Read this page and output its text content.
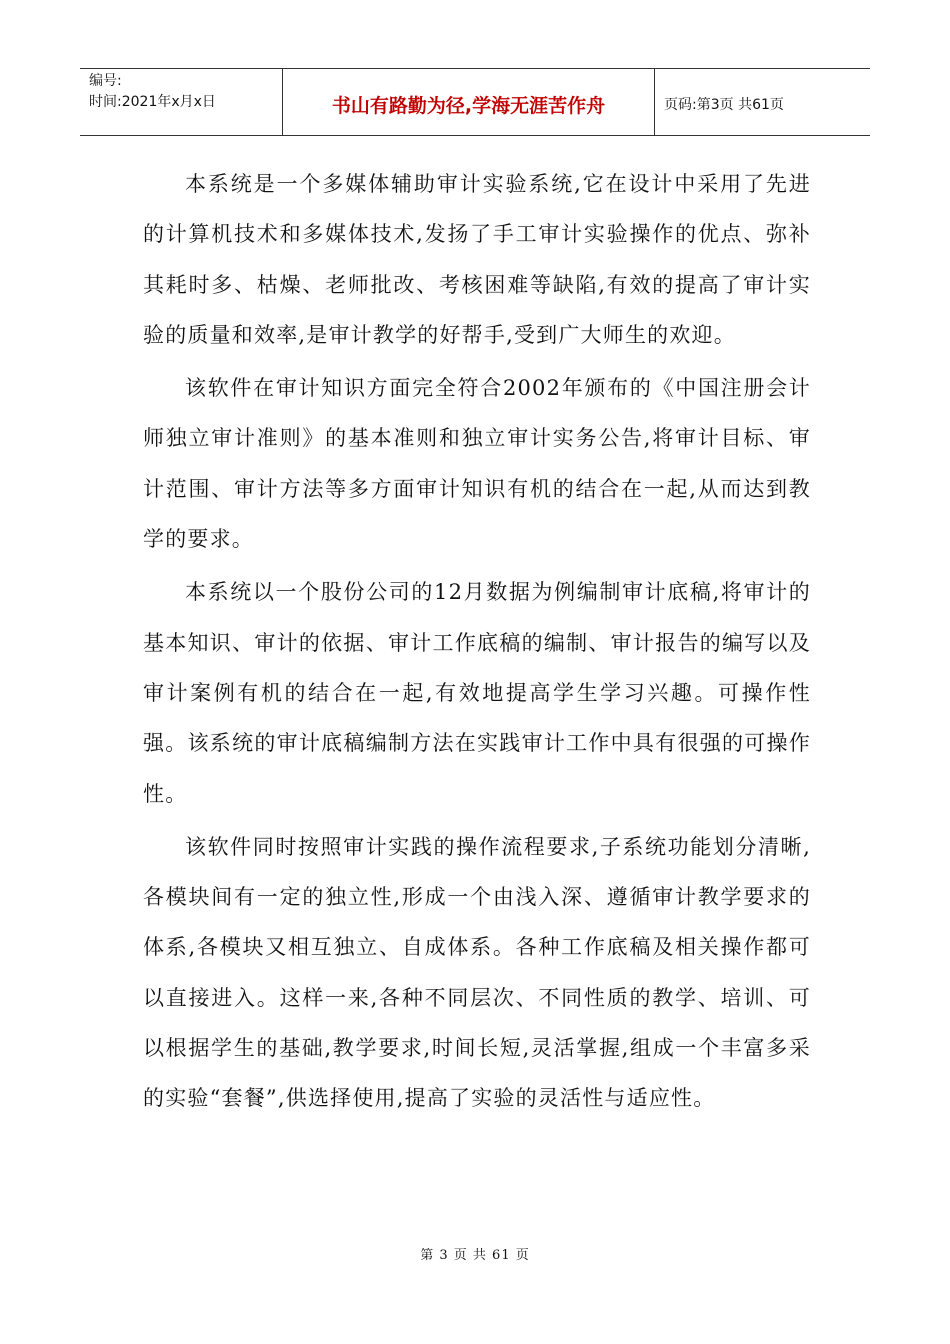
编号:
时间:2021年x月x日	书山有路勤为径,学海无涯苦作舟	页码:第3页 共61页

本系统是一个多媒体辅助审计实验系统,它在设计中采用了先进的计算机技术和多媒体技术,发扬了手工审计实验操作的优点、弥补其耗时多、枯燥、老师批改、考核困难等缺陷,有效的提高了审计实验的质量和效率,是审计教学的好帮手,受到广大师生的欢迎。

该软件在审计知识方面完全符合2002年颁布的《中国注册会计师独立审计准则》的基本准则和独立审计实务公告,将审计目标、审计范围、审计方法等多方面审计知识有机的结合在一起,从而达到教学的要求。

本系统以一个股份公司的12月数据为例编制审计底稿,将审计的基本知识、审计的依据、审计工作底稿的编制、审计报告的编写以及审计案例有机的结合在一起,有效地提高学生学习兴趣。可操作性强。该系统的审计底稿编制方法在实践审计工作中具有很强的可操作性。

该软件同时按照审计实践的操作流程要求,子系统功能划分清晰,各模块间有一定的独立性,形成一个由浅入深、遵循审计教学要求的体系,各模块又相互独立、自成体系。各种工作底稿及相关操作都可以直接进入。这样一来,各种不同层次、不同性质的教学、培训、可以根据学生的基础,教学要求,时间长短,灵活掌握,组成一个丰富多采的实验“套餐”,供选择使用,提高了实验的灵活性与适应性。

第 3 页 共 61 页
